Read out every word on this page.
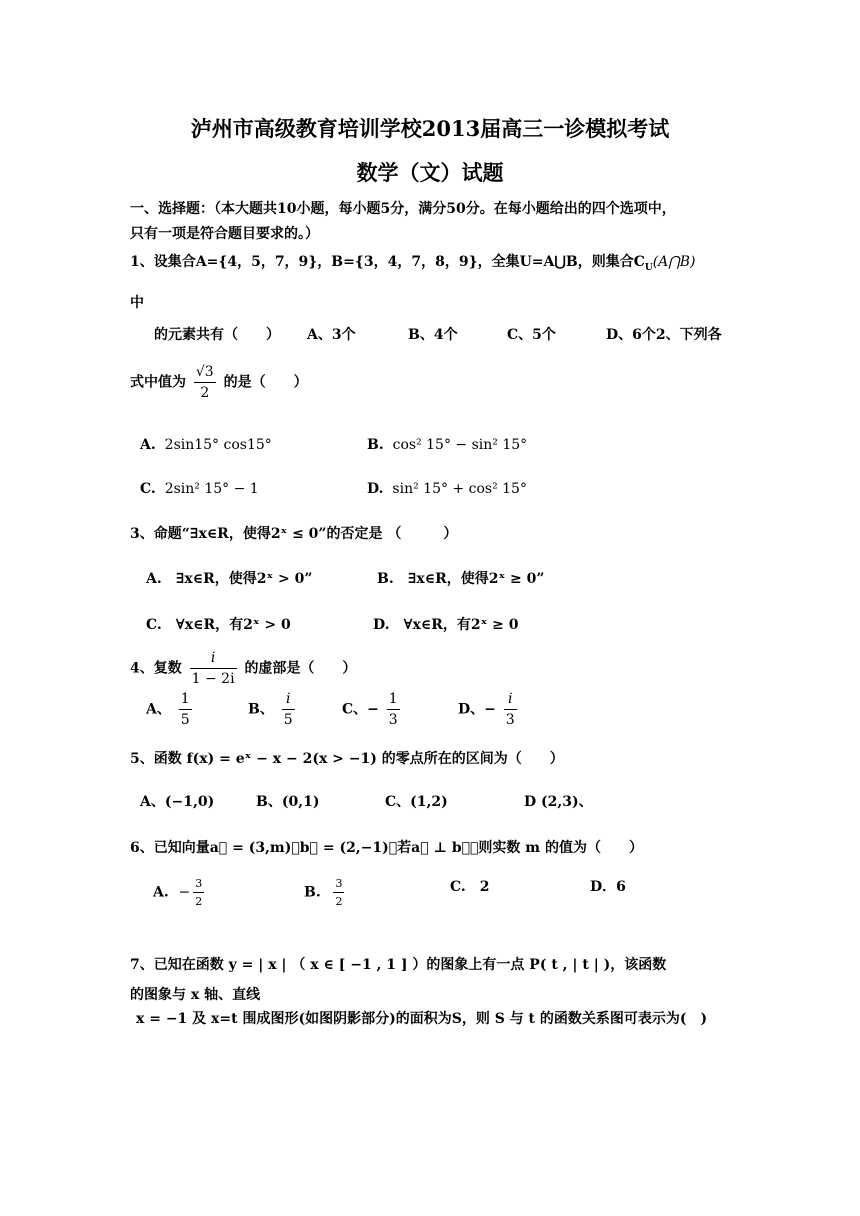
泸州市高级教育培训学校2013届高三一诊模拟考试
数学（文）试题
一、选择题：（本大题共10小题，每小题5分，满分50分。在每小题给出的四个选项中，
只有一项是符合题目要求的。）
1、设集合A={4，5，7，9}，B={3，4，7，8，9}，全集U=A⋃B，则集合$C_U(A⋂B)$
中
的元素共有（　　） A、3个	B、4个	C、5个	D、6个2、下列各
式中值为 $\frac{√3}{2}$ 的是（　　）
A. 2sin15° cos15°	B. cos² 15° − sin² 15°
C. 2sin² 15° − 1	D. sin² 15° + cos² 15°
3、命题“∃x∈R，使得2ˣ ≤ 0”的否定是 （　　　）
A.　∃x∈R，使得2ˣ > 0”	B.　∃x∈R，使得2ˣ ≥ 0”
C.　∀x∈R，有2ˣ > 0	D.　∀x∈R，有2ˣ ≥ 0
4、复数 $\frac{i}{1 - 2i}$ 的虚部是（　　）
A、 $\frac{1}{5}$	B、 $\frac{i}{5}$	C、− $\frac{1}{3}$	D、− $\frac{i}{3}$
5、函数 f(x) = eˣ − x − 2(x > −1) 的零点所在的区间为（　　）
A、(−1,0)	B、(0,1)	C、(1,2)	D (2,3)、
6、已知向量a⃗ = (3,m)，b⃗ = (2,−1)，若a⃗ ⊥ b⃗，则实数 m 的值为（　　）
A. − $\frac{3}{2}$	B. $\frac{3}{2}$	C.　2	D．6
7、已知在函数 y = | x | （ x ∈ [ −1 , 1 ] ）的图象上有一点 P( t , | t | )，该函数
的图象与 x 轴、直线
x = −1 及 x=t 围成图形(如图阴影部分)的面积为S，则 S 与 t 的函数关系图可表示为(　)
